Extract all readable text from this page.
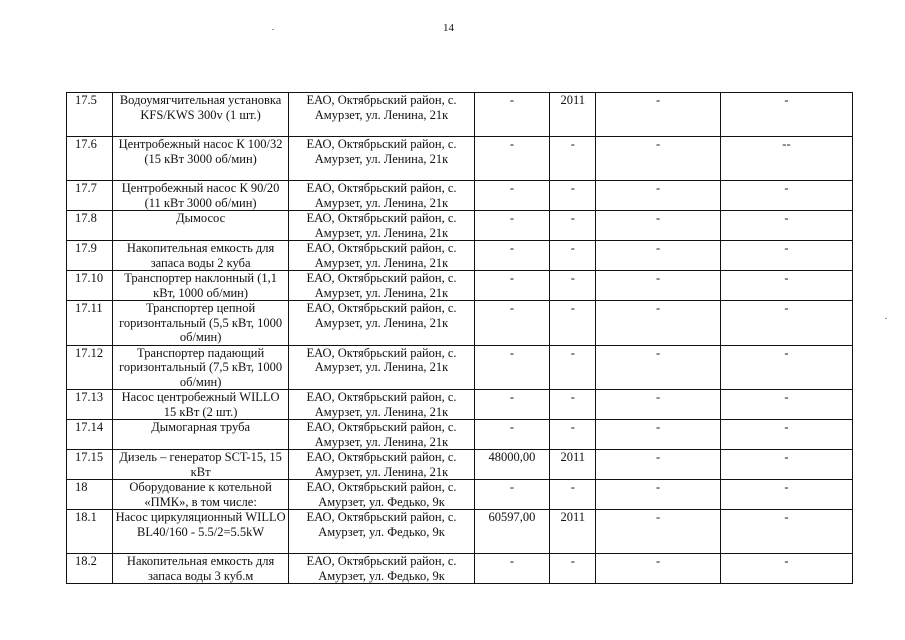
14
17.5	Водоумягчительная установка KFS/KWS 300v (1 шт.)	ЕАО, Октябрьский район, с. Амурзет, ул. Ленина, 21к	-	2011	-	-
17.6	Центробежный насос К 100/32 (15 кВт 3000 об/мин)	ЕАО, Октябрьский район, с. Амурзет, ул. Ленина, 21к	-	-	-	--
17.7	Центробежный насос К 90/20 (11 кВт 3000 об/мин)	ЕАО, Октябрьский район, с. Амурзет, ул. Ленина, 21к	-	-	-	-
17.8	Дымосос	ЕАО, Октябрьский район, с. Амурзет, ул. Ленина, 21к	-	-	-	-
17.9	Накопительная емкость для запаса воды 2 куба	ЕАО, Октябрьский район, с. Амурзет, ул. Ленина, 21к	-	-	-	-
17.10	Транспортер наклонный (1,1 кВт, 1000 об/мин)	ЕАО, Октябрьский район, с. Амурзет, ул. Ленина, 21к	-	-	-	-
17.11	Транспортер цепной горизонтальный (5,5 кВт, 1000 об/мин)	ЕАО, Октябрьский район, с. Амурзет, ул. Ленина, 21к	-	-	-	-
17.12	Транспортер падающий горизонтальный (7,5 кВт, 1000 об/мин)	ЕАО, Октябрьский район, с. Амурзет, ул. Ленина, 21к	-	-	-	-
17.13	Насос центробежный WILLO 15 кВт (2 шт.)	ЕАО, Октябрьский район, с. Амурзет, ул. Ленина, 21к	-	-	-	-
17.14	Дымогарная труба	ЕАО, Октябрьский район, с. Амурзет, ул. Ленина, 21к	-	-	-	-
17.15	Дизель – генератор SCT-15, 15 кВт	ЕАО, Октябрьский район, с. Амурзет, ул. Ленина, 21к	48000,00	2011	-	-
18	Оборудование к котельной «ПМК», в том числе:	ЕАО, Октябрьский район, с. Амурзет, ул. Федько, 9к	-	-	-	-
18.1	Насос циркуляционный WILLO BL40/160 - 5.5/2=5.5kW	ЕАО, Октябрьский район, с. Амурзет, ул. Федько, 9к	60597,00	2011	-	-
18.2	Накопительная емкость для запаса воды 3 куб.м	ЕАО, Октябрьский район, с. Амурзет, ул. Федько, 9к	-	-	-	-
